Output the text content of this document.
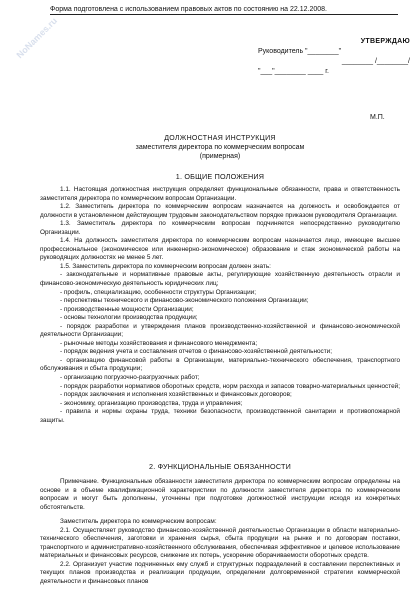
NoNames.ru
Форма подготовлена с использованием правовых актов по состоянию на 22.12.2008.
УТВЕРЖДАЮ
Руководитель "________"
________ /________/
"___"________ ____ г.
М.П.
ДОЛЖНОСТНАЯ ИНСТРУКЦИЯ
заместителя директора по коммерческим вопросам
(примерная)
1. ОБЩИЕ ПОЛОЖЕНИЯ

1.1. Настоящая должностная инструкция определяет функциональные обязанности, права и ответственность заместителя директора по коммерческим вопросам Организации.

1.2. Заместитель директора по коммерческим вопросам назначается на должность и освобождается от должности в установленном действующим трудовым законодательством порядке приказом руководителя Организации.

1.3. Заместитель директора по коммерческим вопросам подчиняется непосредственно руководителю Организации.

1.4. На должность заместителя директора по коммерческим вопросам назначается лицо, имеющее высшее профессиональное (экономическое или инженерно-экономическое) образование и стаж экономической работы на руководящих должностях не менее 5 лет.

1.5. Заместитель директора по коммерческим вопросам должен знать:

- законодательные и нормативные правовые акты, регулирующие хозяйственную деятельность отрасли и финансово-экономическую деятельность юридических лиц;

- профиль, специализацию, особенности структуры Организации;

- перспективы технического и финансово-экономического положения Организации;

- производственные мощности Организации;

- основы технологии производства продукции;

- порядок разработки и утверждения планов производственно-хозяйственной и финансово-экономической деятельности Организации;

- рыночные методы хозяйствования и финансового менеджмента;

- порядок ведения учета и составления отчетов о финансово-хозяйственной деятельности;

- организацию финансовой работы в Организации, материально-технического обеспечения, транспортного обслуживания и сбыта продукции;

- организацию погрузочно-разгрузочных работ;

- порядок разработки нормативов оборотных средств, норм расхода и запасов товарно-материальных ценностей;

- порядок заключения и исполнения хозяйственных и финансовых договоров;

- экономику, организацию производства, труда и управления;

- правила и нормы охраны труда, техники безопасности, производственной санитарии и противопожарной защиты.

2. ФУНКЦИОНАЛЬНЫЕ ОБЯЗАННОСТИ

Примечание. Функциональные обязанности заместителя директора по коммерческим вопросам определены на основе и в объеме квалификационной характеристики по должности заместителя директора по коммерческим вопросам и могут быть дополнены, уточнены при подготовке должностной инструкции исходя из конкретных обстоятельств.

Заместитель директора по коммерческим вопросам:

2.1. Осуществляет руководство финансово-хозяйственной деятельностью Организации в области материально-технического обеспечения, заготовки и хранения сырья, сбыта продукции на рынке и по договорам поставки, транспортного и административно-хозяйственного обслуживания, обеспечивая эффективное и целевое использование материальных и финансовых ресурсов, снижение их потерь, ускорение оборачиваемости оборотных средств.

2.2. Организует участие подчиненных ему служб и структурных подразделений в составлении перспективных и текущих планов производства и реализации продукции, определении долговременной стратегии коммерческой деятельности и финансовых планов
